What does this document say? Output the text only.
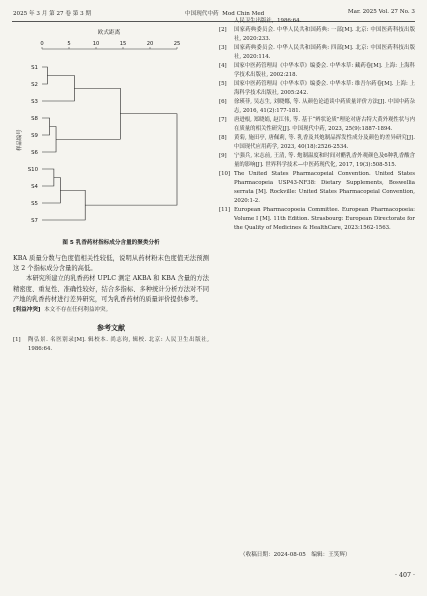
2025 年 3 月 第 27 卷 第 3 期	中国现代中药 Mod Chin Med	Mar. 2025 Vol. 27 No. 3
欧式距离
0	5	10	15	20	25
S1
S2
S3
S8
S9
S6
S10
S4
S5
S7
样品编号
图 5 乳香药材指标成分含量的聚类分析

KBA 质量分数与色度值相关性较低，说明从药材粉末色度值无法预测这 2 个指标成分含量的高低。

本研究所建立的乳香药材 UPLC 测定 AKBA 和 KBA 含量的方法精密度、重复性、准确性较好，结合多指标、多种统计分析方法对不同产地的乳香药材进行差异研究，可为乳香药材的质量评价提供参考。

[利益冲突] 本文不存在任何利益冲突。
参考文献
[1]	陶弘景. 名医别录[M]. 辑校本. 尚志钧, 辑校. 北京: 人民卫生出版社, 1986:64.
人民卫生出版社，1986:64.
[2]	国家药典委员会. 中华人民共和国药典: 一部[M]. 北京: 中国医药科技出版社, 2020:233.
[3]	国家药典委员会. 中华人民共和国药典: 四部[M]. 北京: 中国医药科技出版社, 2020:114.
[4]	国家中医药管理局《中华本草》编委会. 中华本草: 藏药卷[M]. 上海: 上海科学技术出版社, 2002:218.
[5]	国家中医药管理局《中华本草》编委会. 中华本草: 维吾尔药卷[M]. 上海: 上海科学技术出版社, 2005:242.
[6]	徐瑛菲, 吴志生, 刘晓娜, 等. 从颜色论道谈中药质量评价方法[J]. 中国中药杂志, 2016, 41(2):177-181.
[7]	唐进根, 郑晓娟, 赵江伟, 等. 基于“辨状论质”理论对唐古特大黄外观性状与内在质量的相关性研究[J]. 中国现代中药, 2023, 25(9):1887-1894.
[8]	黄菊, 施田亭, 唐佩莉, 等. 乳香及其炮制品挥发性成分及颜色的差异研究[J]. 中国现代应用药学, 2023, 40(18):2526-2534.
[9]	宁强兵, 宋志前, 王清, 等. 炮制温度和时间对醋乳香外观颜色及6种乳香酸含量的影响[J]. 世界科学技术—中医药现代化, 2017, 19(3):508-515.
[10] The United States Pharmacopeial Convention. United States Pharmacopeia USP43-NF38: Dietary Supplements, Boswellia serrata [M]. Rockville: United States Pharmacopeial Convention, 2020:1-2.
[11] European Pharmacopoeia Committee. European Pharmacopoeia: Volume I [M]. 11th Edition. Strasbourg: European Directorate for the Quality of Medicines & HealthCare, 2023:1562-1563.
（收稿日期：2024-08-05　编辑：王笑辉）
· 407 ·
